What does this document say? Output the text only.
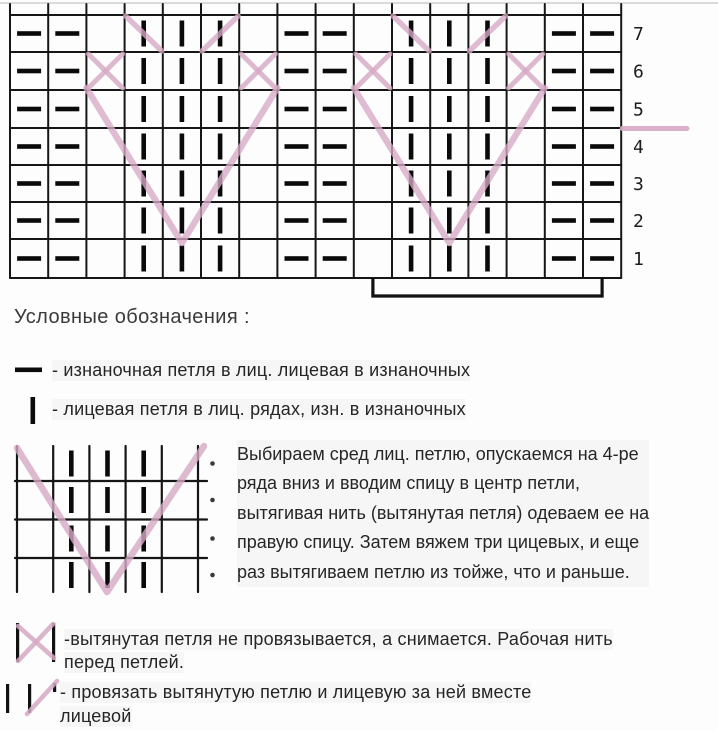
7
6
5
4
3
2
1
Условные обозначения :
- изнаночная петля в лиц. лицевая в изнаночных
- лицевая петля в лиц. рядах, изн. в изнаночных
Выбираем сред лиц. петлю, опускаемся на 4-ре
ряда вниз и вводим спицу в центр петли,
вытягивая нить (вытянутая петля) одеваем ее на
правую спицу. Затем вяжем три цицевых, и еще
раз вытягиваем петлю из тойже, что и раньше.
-вытянутая петля не провязывается, а снимается. Рабочая нить
перед петлей.
- провязать вытянутую петлю и лицевую за ней вместе
лицевой
